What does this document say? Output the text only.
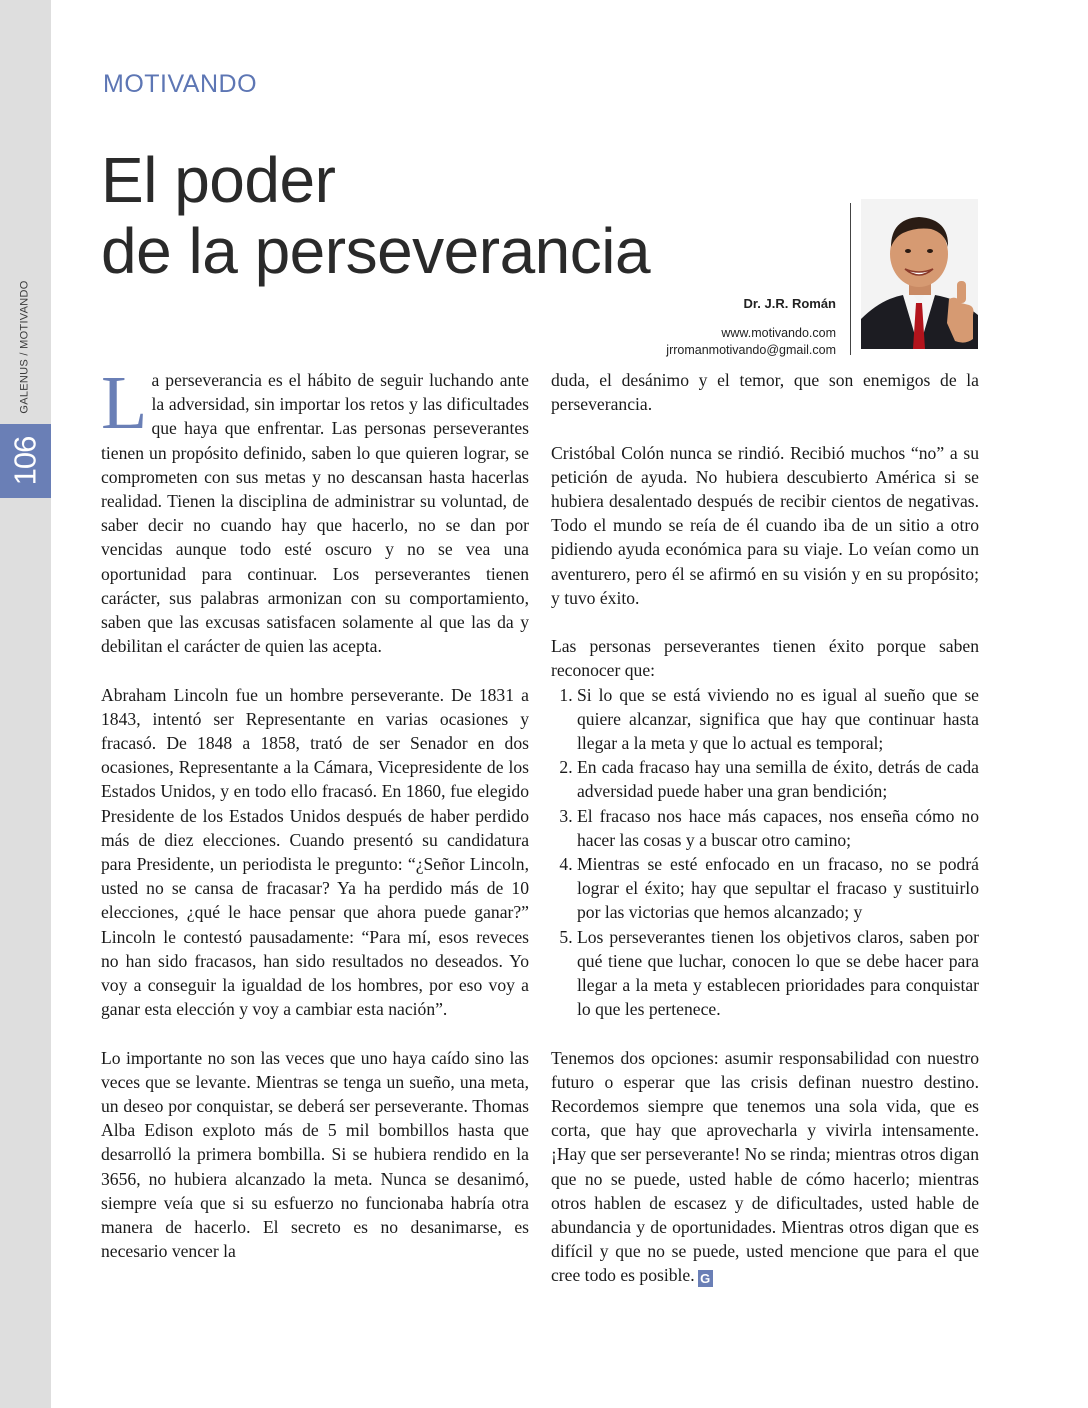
GALENUS / MOTIVANDO
106
MOTIVANDO
El poder
de la perseverancia
Dr. J.R. Román
www.motivando.com
jrromanmotivando@gmail.com

La perseverancia es el hábito de seguir luchando ante la adversidad, sin importar los retos y las dificultades que haya que enfrentar. Las personas perseverantes tienen un propósito definido, saben lo que quieren lograr, se comprometen con sus metas y no descansan hasta hacerlas realidad. Tienen la disciplina de administrar su voluntad, de saber decir no cuando hay que hacerlo, no se dan por vencidas aunque todo esté oscuro y no se vea una oportunidad para continuar. Los perseverantes tienen carácter, sus palabras armonizan con su comportamiento, saben que las excusas satisfacen solamente al que las da y debilitan el carácter de quien las acepta.

Abraham Lincoln fue un hombre perseverante. De 1831 a 1843, intentó ser Representante en varias ocasiones y fracasó. De 1848 a 1858, trató de ser Senador en dos ocasiones, Representante a la Cámara, Vicepresidente de los Estados Unidos, y en todo ello fracasó. En 1860, fue elegido Presidente de los Estados Unidos después de haber perdido más de diez elecciones. Cuando presentó su candidatura para Presidente, un periodista le pregunto: “¿Señor Lincoln, usted no se cansa de fracasar? Ya ha perdido más de 10 elecciones, ¿qué le hace pensar que ahora puede ganar?” Lincoln le contestó pausadamente: “Para mí, esos reveces no han sido fracasos, han sido resultados no deseados. Yo voy a conseguir la igualdad de los hombres, por eso voy a ganar esta elección y voy a cambiar esta nación”.

Lo importante no son las veces que uno haya caído sino las veces que se levante. Mientras se tenga un sueño, una meta, un deseo por conquistar, se deberá ser perseverante. Thomas Alba Edison exploto más de 5 mil bombillos hasta que desarrolló la primera bombilla. Si se hubiera rendido en la 3656, no hubiera alcanzado la meta. Nunca se desanimó, siempre veía que si su esfuerzo no funcionaba habría otra manera de hacerlo. El secreto es no desanimarse, es necesario vencer la

duda, el desánimo y el temor, que son enemigos de la perseverancia.

Cristóbal Colón nunca se rindió. Recibió muchos “no” a su petición de ayuda. No hubiera descubierto América si se hubiera desalentado después de recibir cientos de negativas. Todo el mundo se reía de él cuando iba de un sitio a otro pidiendo ayuda económica para su viaje. Lo veían como un aventurero, pero él se afirmó en su visión y en su propósito; y tuvo éxito.

Las personas perseverantes tienen éxito porque saben reconocer que:

1. Si lo que se está viviendo no es igual al sueño que se quiere alcanzar, significa que hay que continuar hasta llegar a la meta y que lo actual es temporal;
2. En cada fracaso hay una semilla de éxito, detrás de cada adversidad puede haber una gran bendición;
3. El fracaso nos hace más capaces, nos enseña cómo no hacer las cosas y a buscar otro camino;
4. Mientras se esté enfocado en un fracaso, no se podrá lograr el éxito; hay que sepultar el fracaso y sustituirlo por las victorias que hemos alcanzado; y
5. Los perseverantes tienen los objetivos claros, saben por qué tiene que luchar, conocen lo que se debe hacer para llegar a la meta y establecen prioridades para conquistar lo que les pertenece.

Tenemos dos opciones: asumir responsabilidad con nuestro futuro o esperar que las crisis definan nuestro destino. Recordemos siempre que tenemos una sola vida, que es corta, que hay que aprovecharla y vivirla intensamente. ¡Hay que ser perseverante! No se rinda; mientras otros digan que no se puede, usted hable de cómo hacerlo; mientras otros hablen de escasez y de dificultades, usted hable de abundancia y de oportunidades. Mientras otros digan que es difícil y que no se puede, usted mencione que para el que cree todo es posible. G
